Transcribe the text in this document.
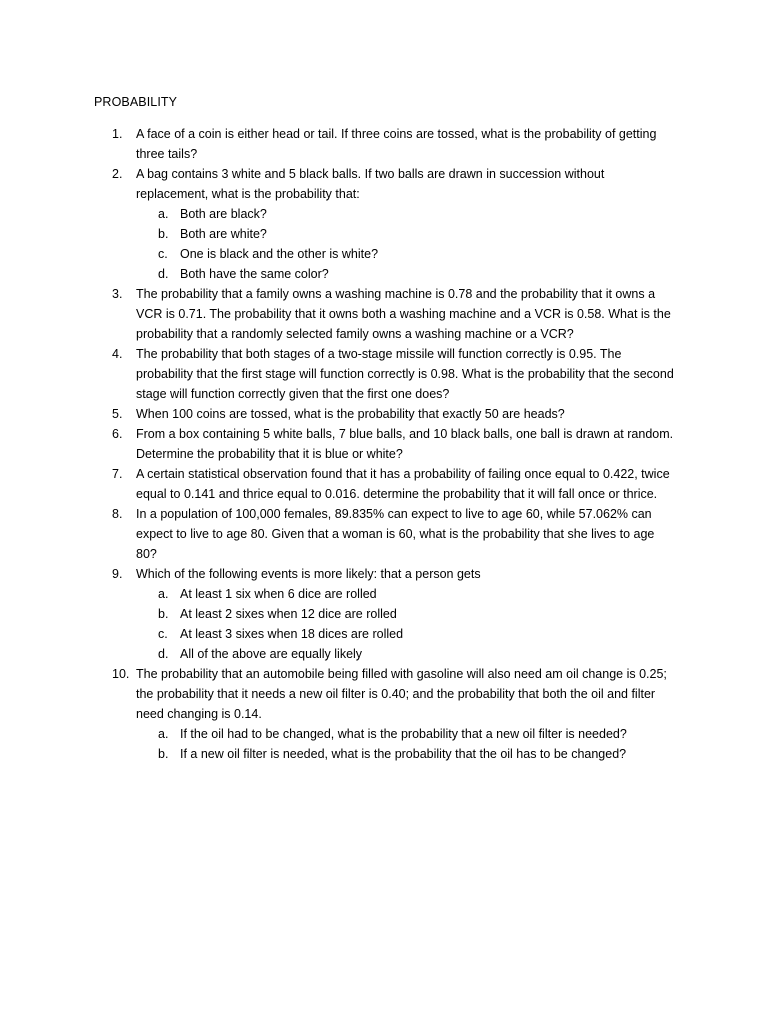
PROBABILITY
1.	A face of a coin is either head or tail. If three coins are tossed, what is the probability of getting three tails?
2.	A bag contains 3 white and 5 black balls. If two balls are drawn in succession without replacement, what is the probability that:
a. Both are black?
b. Both are white?
c. One is black and the other is white?
d. Both have the same color?
3.	The probability that a family owns a washing machine is 0.78 and the probability that it owns a VCR is 0.71. The probability that it owns both a washing machine and a VCR is 0.58. What is the probability that a randomly selected family owns a washing machine or a VCR?
4.	The probability that both stages of a two-stage missile will function correctly is 0.95. The probability that the first stage will function correctly is 0.98. What is the probability that the second stage will function correctly given that the first one does?
5.	When 100 coins are tossed, what is the probability that exactly 50 are heads?
6.	From a box containing 5 white balls, 7 blue balls, and 10 black balls, one ball is drawn at random. Determine the probability that it is blue or white?
7.	A certain statistical observation found that it has a probability of failing once equal to 0.422, twice equal to 0.141 and thrice equal to 0.016. determine the probability that it will fall once or thrice.
8.	In a population of 100,000 females, 89.835% can expect to live to age 60, while 57.062% can expect to live to age 80. Given that a woman is 60, what is the probability that she lives to age 80?
9.	Which of the following events is more likely: that a person gets
a. At least 1 six when 6 dice are rolled
b. At least 2 sixes when 12 dice are rolled
c. At least 3 sixes when 18 dices are rolled
d. All of the above are equally likely
10. The probability that an automobile being filled with gasoline will also need am oil change is 0.25; the probability that it needs a new oil filter is 0.40; and the probability that both the oil and filter need changing is 0.14.
a. If the oil had to be changed, what is the probability that a new oil filter is needed?
b. If a new oil filter is needed, what is the probability that the oil has to be changed?
